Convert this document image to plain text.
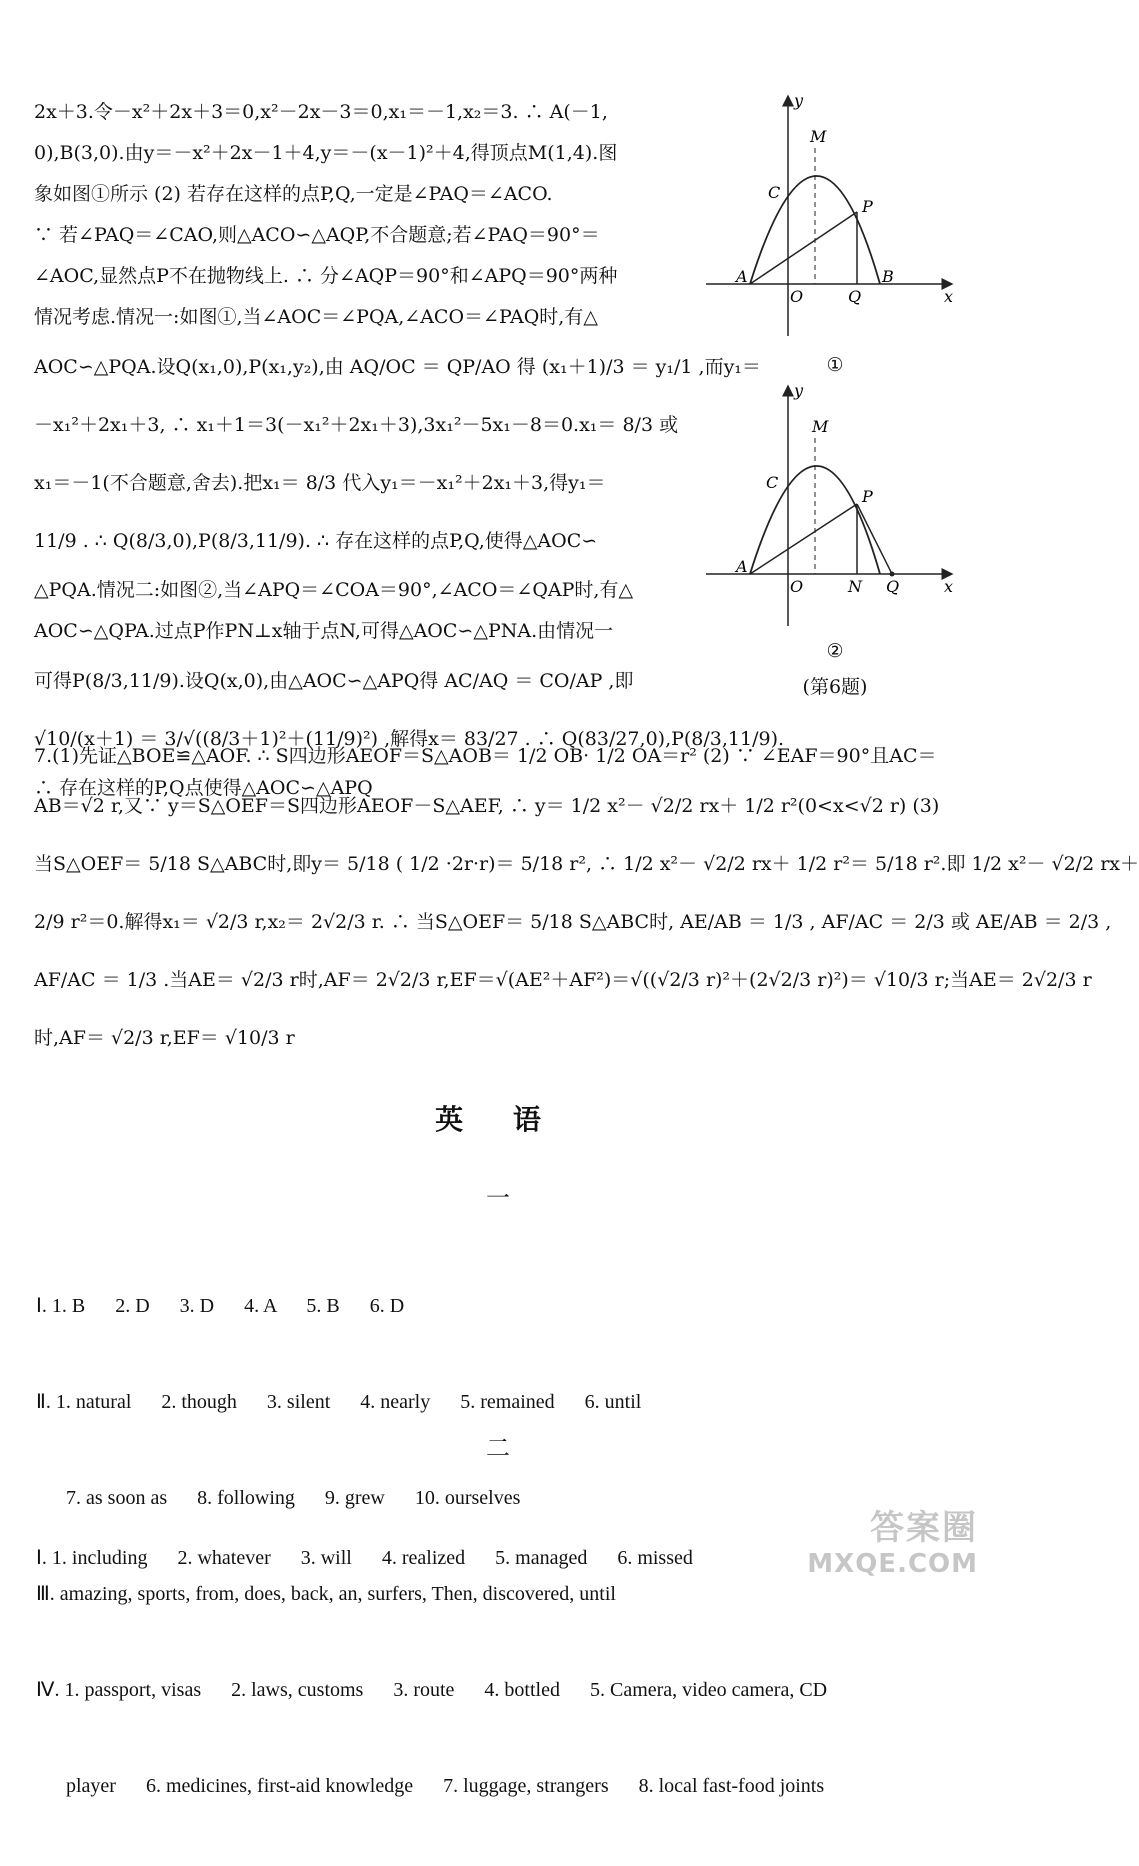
2x＋3.令－x²＋2x＋3＝0,x²－2x－3＝0,x₁＝－1,x₂＝3. ∴ A(－1,
0),B(3,0).由y＝－x²＋2x－1＋4,y＝－(x－1)²＋4,得顶点M(1,4).图
象如图①所示 (2) 若存在这样的点P,Q,一定是∠PAQ＝∠ACO.
∵ 若∠PAQ＝∠CAO,则△ACO∽△AQP,不合题意;若∠PAQ＝90°＝
∠AOC,显然点P不在抛物线上. ∴ 分∠AQP＝90°和∠APQ＝90°两种
情况考虑.情况一:如图①,当∠AOC＝∠PQA,∠ACO＝∠PAQ时,有△
AOC∽△PQA.设Q(x₁,0),P(x₁,y₂),由 AQ/OC ＝ QP/AO 得 (x₁＋1)/3 ＝ y₁/1 ,而y₁＝
－x₁²＋2x₁＋3, ∴ x₁＋1＝3(－x₁²＋2x₁＋3),3x₁²－5x₁－8＝0.x₁＝ 8/3 或
x₁＝－1(不合题意,舍去).把x₁＝ 8/3 代入y₁＝－x₁²＋2x₁＋3,得y₁＝
11/9 . ∴ Q(8/3,0),P(8/3,11/9). ∴ 存在这样的点P,Q,使得△AOC∽
△PQA.情况二:如图②,当∠APQ＝∠COA＝90°,∠ACO＝∠QAP时,有△
AOC∽△QPA.过点P作PN⊥x轴于点N,可得△AOC∽△PNA.由情况一
可得P(8/3,11/9).设Q(x,0),由△AOC∽△APQ得 AC/AQ ＝ CO/AP ,即
√10/(x＋1) ＝ 3/√((8/3＋1)²＋(11/9)²) ,解得x＝ 83/27 . ∴ Q(83/27,0),P(8/3,11/9).
∴ 存在这样的P,Q点使得△AOC∽△APQ
7.(1)先证△BOE≌△AOF. ∴ S四边形AEOF＝S△AOB＝ 1/2 OB· 1/2 OA＝r² (2) ∵ ∠EAF＝90°且AC＝
AB＝√2 r,又∵ y＝S△OEF＝S四边形AEOF－S△AEF, ∴ y＝ 1/2 x²－ √2/2 rx＋ 1/2 r²(0<x<√2 r) (3)
当S△OEF＝ 5/18 S△ABC时,即y＝ 5/18 ( 1/2 ·2r·r)＝ 5/18 r², ∴ 1/2 x²－ √2/2 rx＋ 1/2 r²＝ 5/18 r².即 1/2 x²－ √2/2 rx＋
2/9 r²＝0.解得x₁＝ √2/3 r,x₂＝ 2√2/3 r. ∴ 当S△OEF＝ 5/18 S△ABC时, AE/AB ＝ 1/3 , AF/AC ＝ 2/3 或 AE/AB ＝ 2/3 ,
AF/AC ＝ 1/3 .当AE＝ √2/3 r时,AF＝ 2√2/3 r,EF＝√(AE²＋AF²)＝√((√2/3 r)²＋(2√2/3 r)²)＝ √10/3 r;当AE＝ 2√2/3 r
时,AF＝ √2/3 r,EF＝ √10/3 r
y
x
M
C
P
A
O	Q
B
①
y
x
M
C
P
A
O	N Q
②
(第6题)
英 语
一

Ⅰ. 1. B      2. D      3. D      4. A      5. B      6. D

Ⅱ. 1. natural      2. though      3. silent      4. nearly      5. remained      6. until

7. as soon as      8. following      9. grew      10. ourselves

Ⅲ. amazing, sports, from, does, back, an, surfers, Then, discovered, until

Ⅳ. 1. passport, visas      2. laws, customs      3. route      4. bottled      5. Camera, video camera, CD

player      6. medicines, first-aid knowledge      7. luggage, strangers      8. local fast-food joints

二

Ⅰ. 1. including      2. whatever      3. will      4. realized      5. managed      6. missed

答案圈
MXQE.COM
